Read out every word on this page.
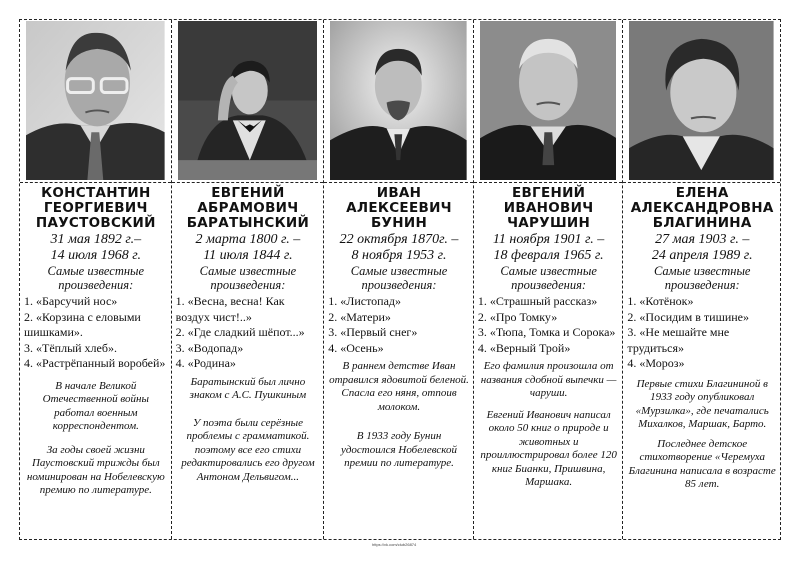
КОНСТАНТИН
ГЕОРГИЕВИЧ
ПАУСТОВСКИЙ
31 мая 1892 г.–
14 июля 1968 г.
Самые известные произведения:
1. «Барсучий нос»
2. «Корзина с еловыми шишками».
3. «Тёплый хлеб».
4. «Растрёпанный воробей»
В начале Великой Отечественной войны работал военным корреспондентом.
За годы своей жизни Паустовский трижды был номинирован на Нобелевскую премию по литературе.
ЕВГЕНИЙ
АБРАМОВИЧ
БАРАТЫНСКИЙ
2 марта 1800 г. –
11 июля 1844 г.
Самые известные произведения:
1. «Весна, весна! Как воздух чист!..»
2. «Где сладкий шёпот...»
3. «Водопад»
4. «Родина»
Баратынский был лично знаком с А.С. Пушкиным
У поэта были серёзные проблемы с грамматикой. поэтому все его стихи редактировались его другом Антоном Дельвигом...
ИВАН
АЛЕКСЕЕВИЧ
БУНИН
22 октября 1870г. –
8 ноября 1953 г.
Самые известные произведения:
1. «Листопад»
2. «Матери»
3. «Первый снег»
4. «Осень»
В раннем детстве Иван отравился ядовитой беленой. Спасла его няня, отпоив молоком.
В 1933 году Бунин удостоился Нобелевской премии по литературе.
ЕВГЕНИЙ
ИВАНОВИЧ
ЧАРУШИН
11 ноября 1901 г. –
18 февраля 1965 г.
Самые известные произведения:
1. «Страшный рассказ»
2. «Про Томку»
3. «Тюпа, Томка и Сорока»
4. «Верный Трой»
Его фамилия произошла от названия сдобной выпечки — чаруши.
Евгений Иванович написал около 50 книг о природе и животных и проиллюстрировал более 120 книг Бианки, Пришвина, Маршака.
ЕЛЕНА
АЛЕКСАНДРОВНА
БЛАГИНИНА
27 мая 1903 г. –
24 апреля 1989 г.
Самые известные произведения:
1. «Котёнок»
2. «Посидим в тишине»
3. «Не мешайте мне трудиться»
4. «Мороз»
Первые стихи Благининой в 1933 году опубликовал «Мурзилка», где печатались Михалков, Маршак, Барто.
Последнее детское стихотворение «Черемуха Благинина написала в возрасте 85 лет.
https://vk.com/club26874
